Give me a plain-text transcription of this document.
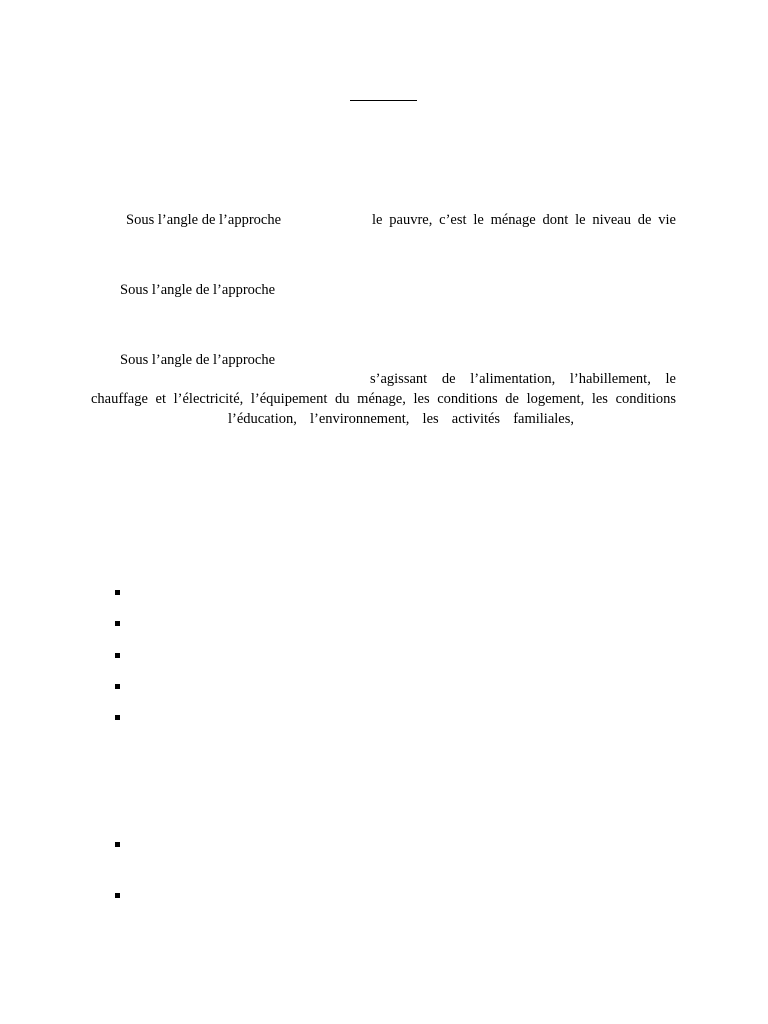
Sous l’angle de l’approche	le pauvre, c’est le ménage dont le niveau de vie
Sous l’angle de l’approche
Sous l’angle de l’approche
s’agissant de l’alimentation, l’habillement, le
chauffage et l’électricité, l’équipement du ménage, les conditions de logement, les conditions
l’éducation, l’environnement, les activités familiales,
